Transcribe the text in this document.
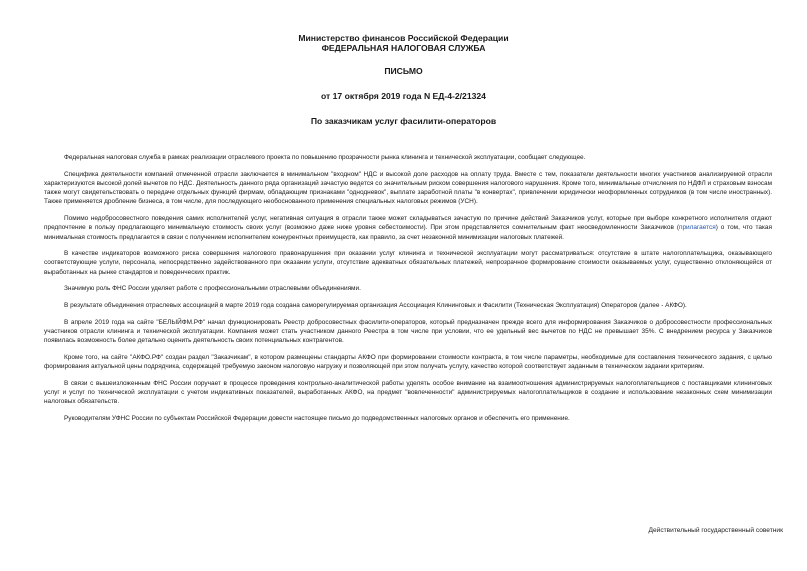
Министерство финансов Российской Федерации
ФЕДЕРАЛЬНАЯ НАЛОГОВАЯ СЛУЖБА
ПИСЬМО
от 17 октября 2019 года N ЕД-4-2/21324
По заказчикам услуг фасилити-операторов

Федеральная налоговая служба в рамках реализации отраслевого проекта по повышению прозрачности рынка клининга и технической эксплуатации, сообщает следующее.

Специфика деятельности компаний отмеченной отрасли заключается в минимальном "входном" НДС и высокой доле расходов на оплату труда. Вместе с тем, показатели деятельности многих участников анализируемой отрасли характеризуются высокой долей вычетов по НДС. Деятельность данного ряда организаций зачастую ведется со значительным риском совершения налогового нарушения. Кроме того, минимальные отчисления по НДФЛ и страховым взносам также могут свидетельствовать о передаче отдельных функций фирмам, обладающим признаками "однодневок", выплате заработной платы "в конвертах", привлечении юридически неоформленных сотрудников (в том числе иностранных). Также применяется дробление бизнеса, в том числе, для последующего необоснованного применения специальных налоговых режимов (УСН).

Помимо недобросовестного поведения самих исполнителей услуг, негативная ситуация в отрасли также может складываться зачастую по причине действий Заказчиков услуг, которые при выборе конкретного исполнителя отдают предпочтение в пользу предлагающего минимальную стоимость своих услуг (возможно даже ниже уровня себестоимости). При этом представляется сомнительным факт неосведомленности Заказчиков (прилагается) о том, что такая минимальная стоимость предлагается в связи с получением исполнителем конкурентных преимуществ, как правило, за счет незаконной минимизации налоговых платежей.

В качестве индикаторов возможного риска совершения налогового правонарушения при оказании услуг клининга и технической эксплуатации могут рассматриваться: отсутствие в штате налогоплательщика, оказывающего соответствующие услуги, персонала, непосредственно задействованного при оказании услуги, отсутствие адекватных обязательных платежей, непрозрачное формирование стоимости оказываемых услуг, существенно отклоняющейся от выработанных на рынке стандартов и поведенческих практик.

Значимую роль ФНС России уделяет работе с профессиональными отраслевыми объединениями.

В результате объединения отраслевых ассоциаций в марте 2019 года создана саморегулируемая организация Ассоциация Клининговых и Фасилити (Техническая Эксплуатация) Операторов (далее - АКФО).

В апреле 2019 года на сайте "БЕЛЫЙФМ.РФ" начал функционировать Реестр добросовестных фасилити-операторов, который предназначен прежде всего для информирования Заказчиков о добросовестности профессиональных участников отрасли клининга и технической эксплуатации. Компания может стать участником данного Реестра в том числе при условии, что ее удельный вес вычетов по НДС не превышает 35%. С внедрением ресурса у Заказчиков появилась возможность более детально оценить деятельность своих потенциальных контрагентов.

Кроме того, на сайте "АКФО.РФ" создан раздел "Заказчикам", в котором размещены стандарты АКФО при формировании стоимости контракта, в том числе параметры, необходимые для составления технического задания, с целью формирования актуальной цены подрядчика, содержащей требуемую законом налоговую нагрузку и позволяющей при этом получать услугу, качество которой соответствует заданным в техническом задании критериям.

В связи с вышеизложенным ФНС России поручает в процессе проведения контрольно-аналитической работы уделять особое внимание на взаимоотношения администрируемых налогоплательщиков с поставщиками клининговых услуг и услуг по технической эксплуатации с учетом индикативных показателей, выработанных АКФО, на предмет "вовлеченности" администрируемых налогоплательщиков в создание и использование незаконных схем минимизации налоговых обязательств.

Руководителям УФНС России по субъектам Российской Федерации довести настоящее письмо до подведомственных налоговых органов и обеспечить его применение.

Действительный государственный советник
